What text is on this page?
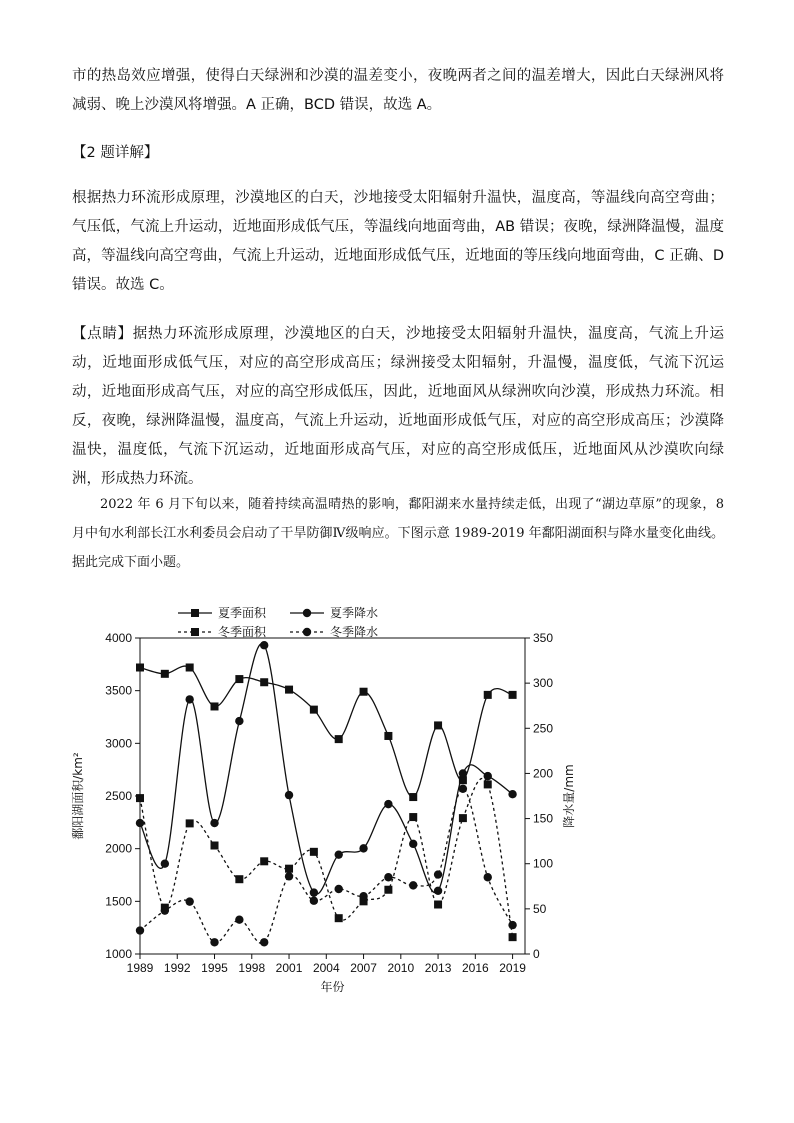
市的热岛效应增强，使得白天绿洲和沙漠的温差变小，夜晚两者之间的温差增大，因此白天绿洲风将减弱、晚上沙漠风将增强。A 正确，BCD 错误，故选 A。
【2 题详解】
根据热力环流形成原理，沙漠地区的白天，沙地接受太阳辐射升温快，温度高，等温线向高空弯曲；气压低，气流上升运动，近地面形成低气压，等温线向地面弯曲，AB 错误；夜晚，绿洲降温慢，温度高，等温线向高空弯曲，气流上升运动，近地面形成低气压，近地面的等压线向地面弯曲，C 正确、D 错误。故选 C。
【点睛】据热力环流形成原理，沙漠地区的白天，沙地接受太阳辐射升温快，温度高，气流上升运动，近地面形成低气压，对应的高空形成高压；绿洲接受太阳辐射，升温慢，温度低，气流下沉运动，近地面形成高气压，对应的高空形成低压，因此，近地面风从绿洲吹向沙漠，形成热力环流。相反，夜晚，绿洲降温慢，温度高，气流上升运动，近地面形成低气压，对应的高空形成高压；沙漠降温快，温度低，气流下沉运动，近地面形成高气压，对应的高空形成低压，近地面风从沙漠吹向绿洲，形成热力环流。
2022 年 6 月下旬以来，随着持续高温晴热的影响，鄱阳湖来水量持续走低，出现了“湖边草原”的现象，8 月中旬水利部长江水利委员会启动了干旱防御Ⅳ级响应。下图示意 1989-2019 年鄱阳湖面积与降水量变化曲线。据此完成下面小题。
1989 1992 1995 1998 2001 2004 2007 2010 2013 2016 2019
1000
1500
2000
2500
3000
3500
4000
0
50
100
150
200
250
300
350
年份
鄱阳湖面积/km²	降水量/mm
夏季面积	夏季降水
冬季面积	冬季降水
